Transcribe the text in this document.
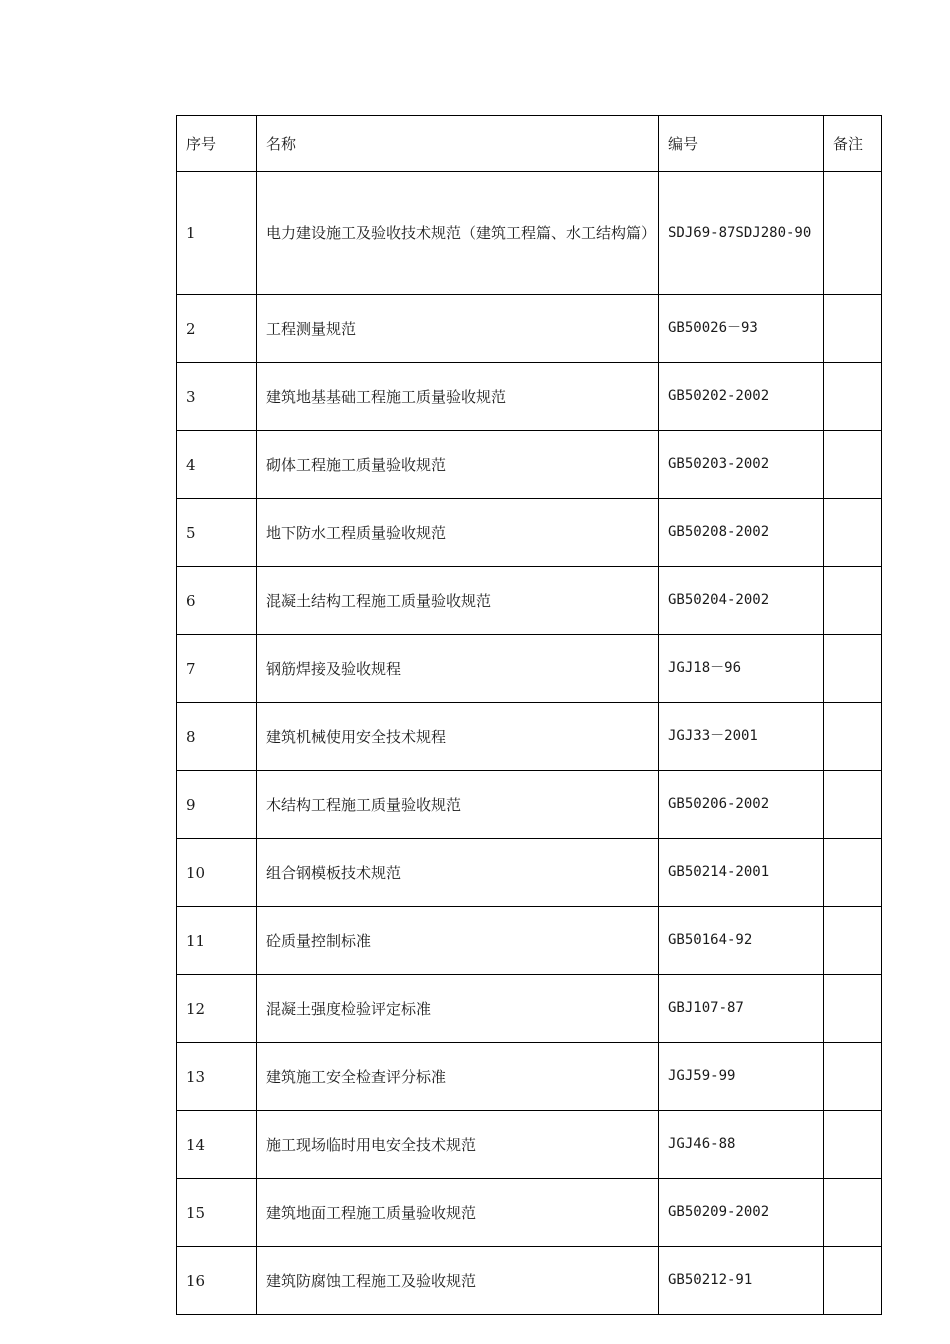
序号	名称	编号	备注
1	电力建设施工及验收技术规范（建筑工程篇、水工结构篇）	SDJ69-87SDJ280-90	
2	工程测量规范	GB50026－93	
3	建筑地基基础工程施工质量验收规范	GB50202-2002	
4	砌体工程施工质量验收规范	GB50203-2002	
5	地下防水工程质量验收规范	GB50208-2002	
6	混凝土结构工程施工质量验收规范	GB50204-2002	
7	钢筋焊接及验收规程	JGJ18－96	
8	建筑机械使用安全技术规程	JGJ33－2001	
9	木结构工程施工质量验收规范	GB50206-2002	
10	组合钢模板技术规范	GB50214-2001	
11	砼质量控制标准	GB50164-92	
12	混凝土强度检验评定标准	GBJ107-87	
13	建筑施工安全检查评分标准	JGJ59-99	
14	施工现场临时用电安全技术规范	JGJ46-88	
15	建筑地面工程施工质量验收规范	GB50209-2002	
16	建筑防腐蚀工程施工及验收规范	GB50212-91	
